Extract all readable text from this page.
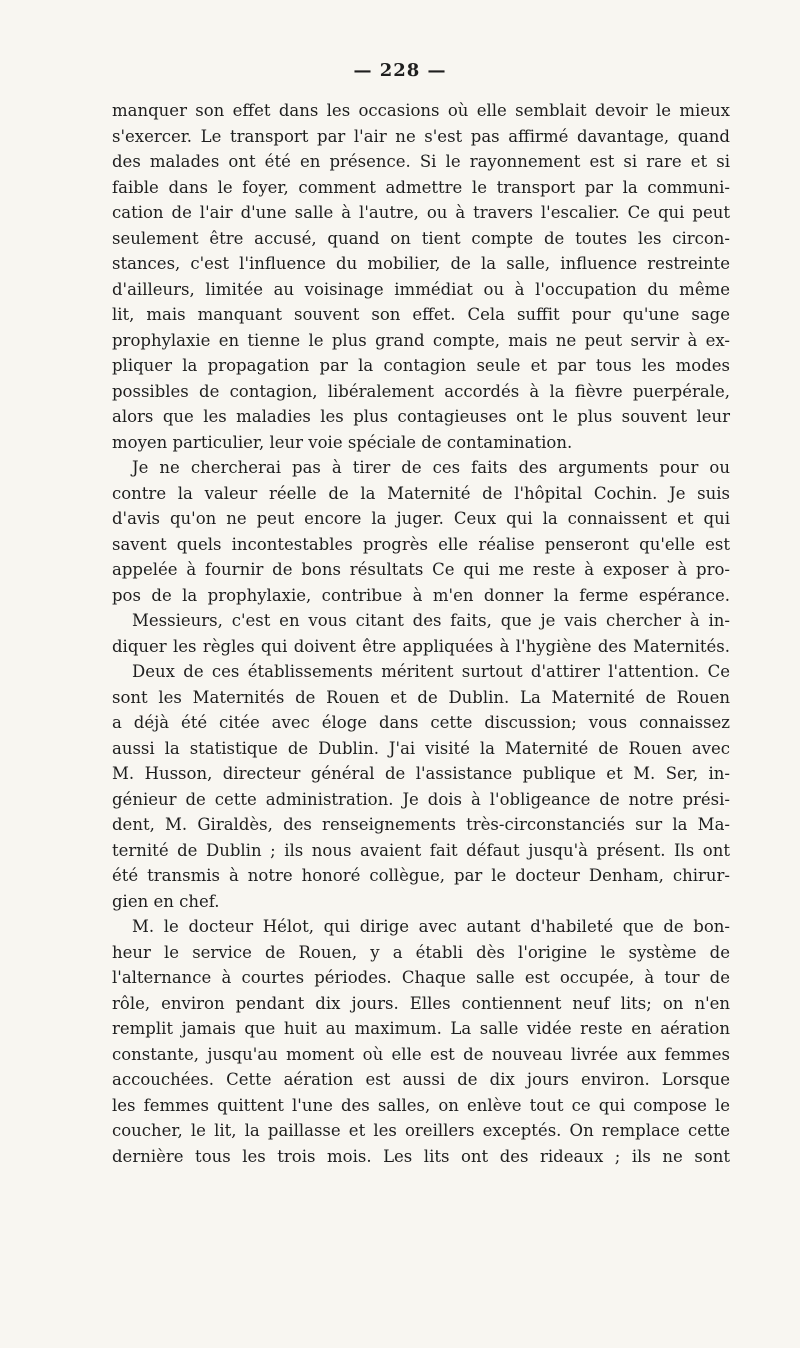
— 228 —
manquer son effet dans les occasions où elle semblait devoir le mieux
s'exercer. Le transport par l'air ne s'est pas affirmé davantage, quand
des malades ont été en présence. Si le rayonnement est si rare et si
faible dans le foyer, comment admettre le transport par la communi-
cation de l'air d'une salle à l'autre, ou à travers l'escalier. Ce qui peut
seulement être accusé, quand on tient compte de toutes les circon-
stances, c'est l'influence du mobilier, de la salle, influence restreinte
d'ailleurs, limitée au voisinage immédiat ou à l'occupation du même
lit, mais manquant souvent son effet. Cela suffit pour qu'une sage
prophylaxie en tienne le plus grand compte, mais ne peut servir à ex-
pliquer la propagation par la contagion seule et par tous les modes
possibles de contagion, libéralement accordés à la fièvre puerpérale,
alors que les maladies les plus contagieuses ont le plus souvent leur
moyen particulier, leur voie spéciale de contamination.
Je ne chercherai pas à tirer de ces faits des arguments pour ou
contre la valeur réelle de la Maternité de l'hôpital Cochin. Je suis
d'avis qu'on ne peut encore la juger. Ceux qui la connaissent et qui
savent quels incontestables progrès elle réalise penseront qu'elle est
appelée à fournir de bons résultats Ce qui me reste à exposer à pro-
pos de la prophylaxie, contribue à m'en donner la ferme espérance.
Messieurs, c'est en vous citant des faits, que je vais chercher à in-
diquer les règles qui doivent être appliquées à l'hygiène des Maternités.
Deux de ces établissements méritent surtout d'attirer l'attention. Ce
sont les Maternités de Rouen et de Dublin. La Maternité de Rouen
a déjà été citée avec éloge dans cette discussion; vous connaissez
aussi la statistique de Dublin. J'ai visité la Maternité de Rouen avec
M. Husson, directeur général de l'assistance publique et M. Ser, in-
génieur de cette administration. Je dois à l'obligeance de notre prési-
dent, M. Giraldès, des renseignements très-circonstanciés sur la Ma-
ternité de Dublin ; ils nous avaient fait défaut jusqu'à présent. Ils ont
été transmis à notre honoré collègue, par le docteur Denham, chirur-
gien en chef.
M. le docteur Hélot, qui dirige avec autant d'habileté que de bon-
heur le service de Rouen, y a établi dès l'origine le système de
l'alternance à courtes périodes. Chaque salle est occupée, à tour de
rôle, environ pendant dix jours. Elles contiennent neuf lits; on n'en
remplit jamais que huit au maximum. La salle vidée reste en aération
constante, jusqu'au moment où elle est de nouveau livrée aux femmes
accouchées. Cette aération est aussi de dix jours environ. Lorsque
les femmes quittent l'une des salles, on enlève tout ce qui compose le
coucher, le lit, la paillasse et les oreillers exceptés. On remplace cette
dernière tous les trois mois. Les lits ont des rideaux ; ils ne sont
